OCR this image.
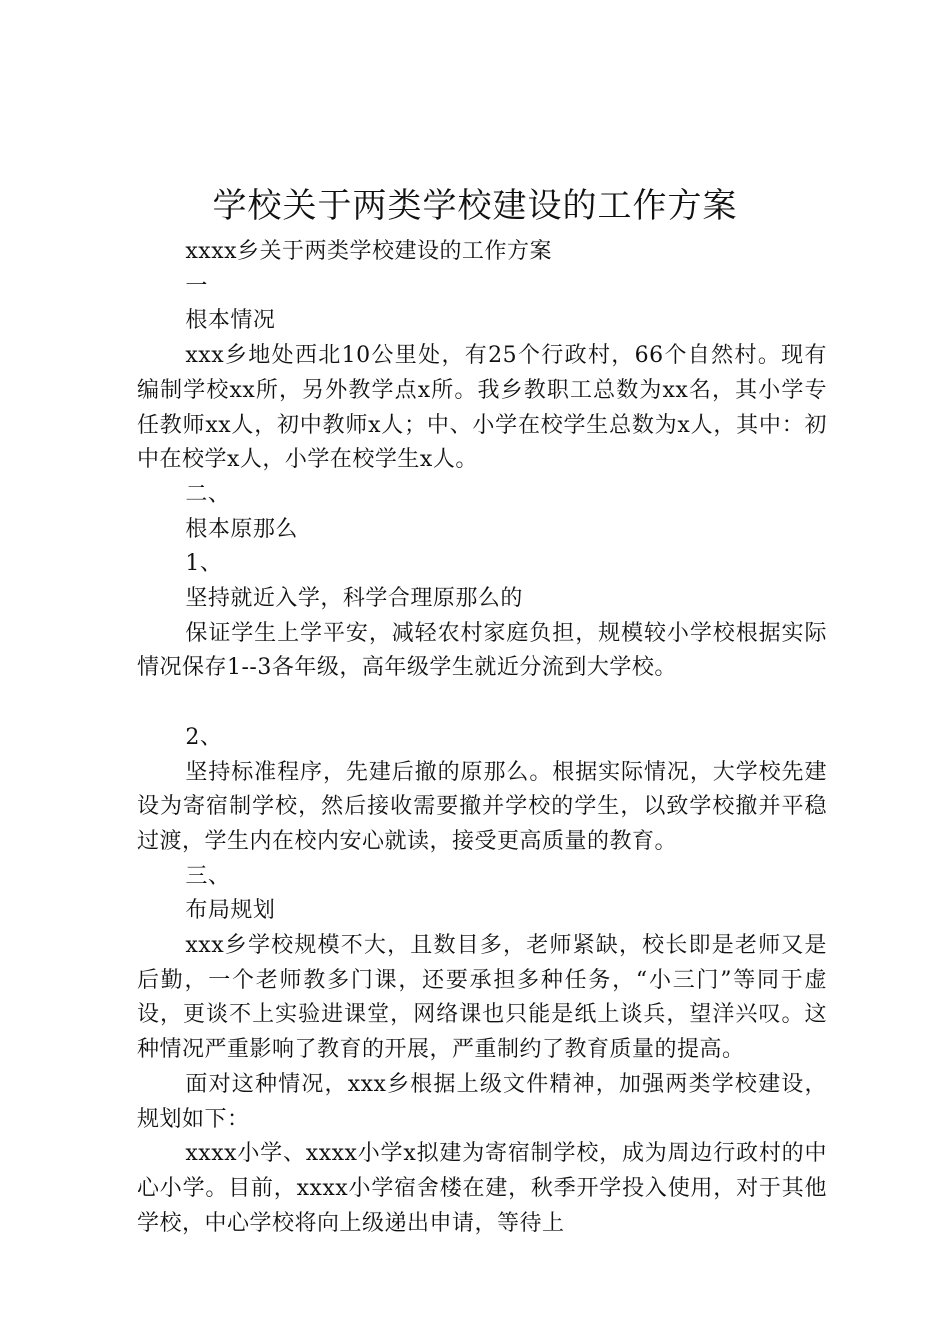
学校关于两类学校建设的工作方案

xxxx乡关于两类学校建设的工作方案

一

根本情况

xxx乡地处西北10公里处，有25个行政村，66个自然村。现有编制学校xx所，另外教学点x所。我乡教职工总数为xx名，其小学专任教师xx人，初中教师x人；中、小学在校学生总数为x人，其中：初中在校学x人，小学在校学生x人。

二、

根本原那么

1、

坚持就近入学，科学合理原那么的

保证学生上学平安，减轻农村家庭负担，规模较小学校根据实际情况保存1--3各年级，高年级学生就近分流到大学校。

2、

坚持标准程序，先建后撤的原那么。根据实际情况，大学校先建设为寄宿制学校，然后接收需要撤并学校的学生，以致学校撤并平稳过渡，学生内在校内安心就读，接受更高质量的教育。

三、

布局规划

xxx乡学校规模不大，且数目多，老师紧缺，校长即是老师又是后勤，一个老师教多门课，还要承担多种任务，“小三门”等同于虚设，更谈不上实验进课堂，网络课也只能是纸上谈兵，望洋兴叹。这种情况严重影响了教育的开展，严重制约了教育质量的提高。

面对这种情况，xxx乡根据上级文件精神，加强两类学校建设，规划如下：

xxxx小学、xxxx小学x拟建为寄宿制学校，成为周边行政村的中心小学。目前，xxxx小学宿舍楼在建，秋季开学投入使用，对于其他学校，中心学校将向上级递出申请，等待上
